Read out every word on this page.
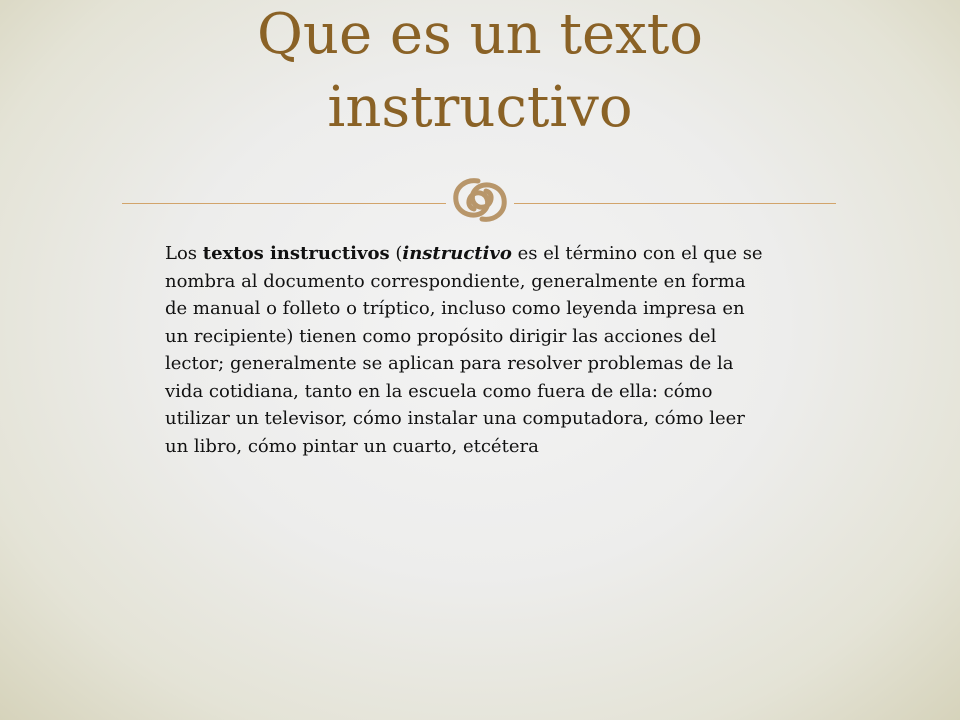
Que es un texto instructivo

Los textos instructivos (instructivo es el término con el que se nombra al documento correspondiente, generalmente en forma de manual o folleto o tríptico, incluso como leyenda impresa en un recipiente) tienen como propósito dirigir las acciones del lector; generalmente se aplican para resolver problemas de la vida cotidiana, tanto en la escuela como fuera de ella: cómo utilizar un televisor, cómo instalar una computadora, cómo leer un libro, cómo pintar un cuarto, etcétera
